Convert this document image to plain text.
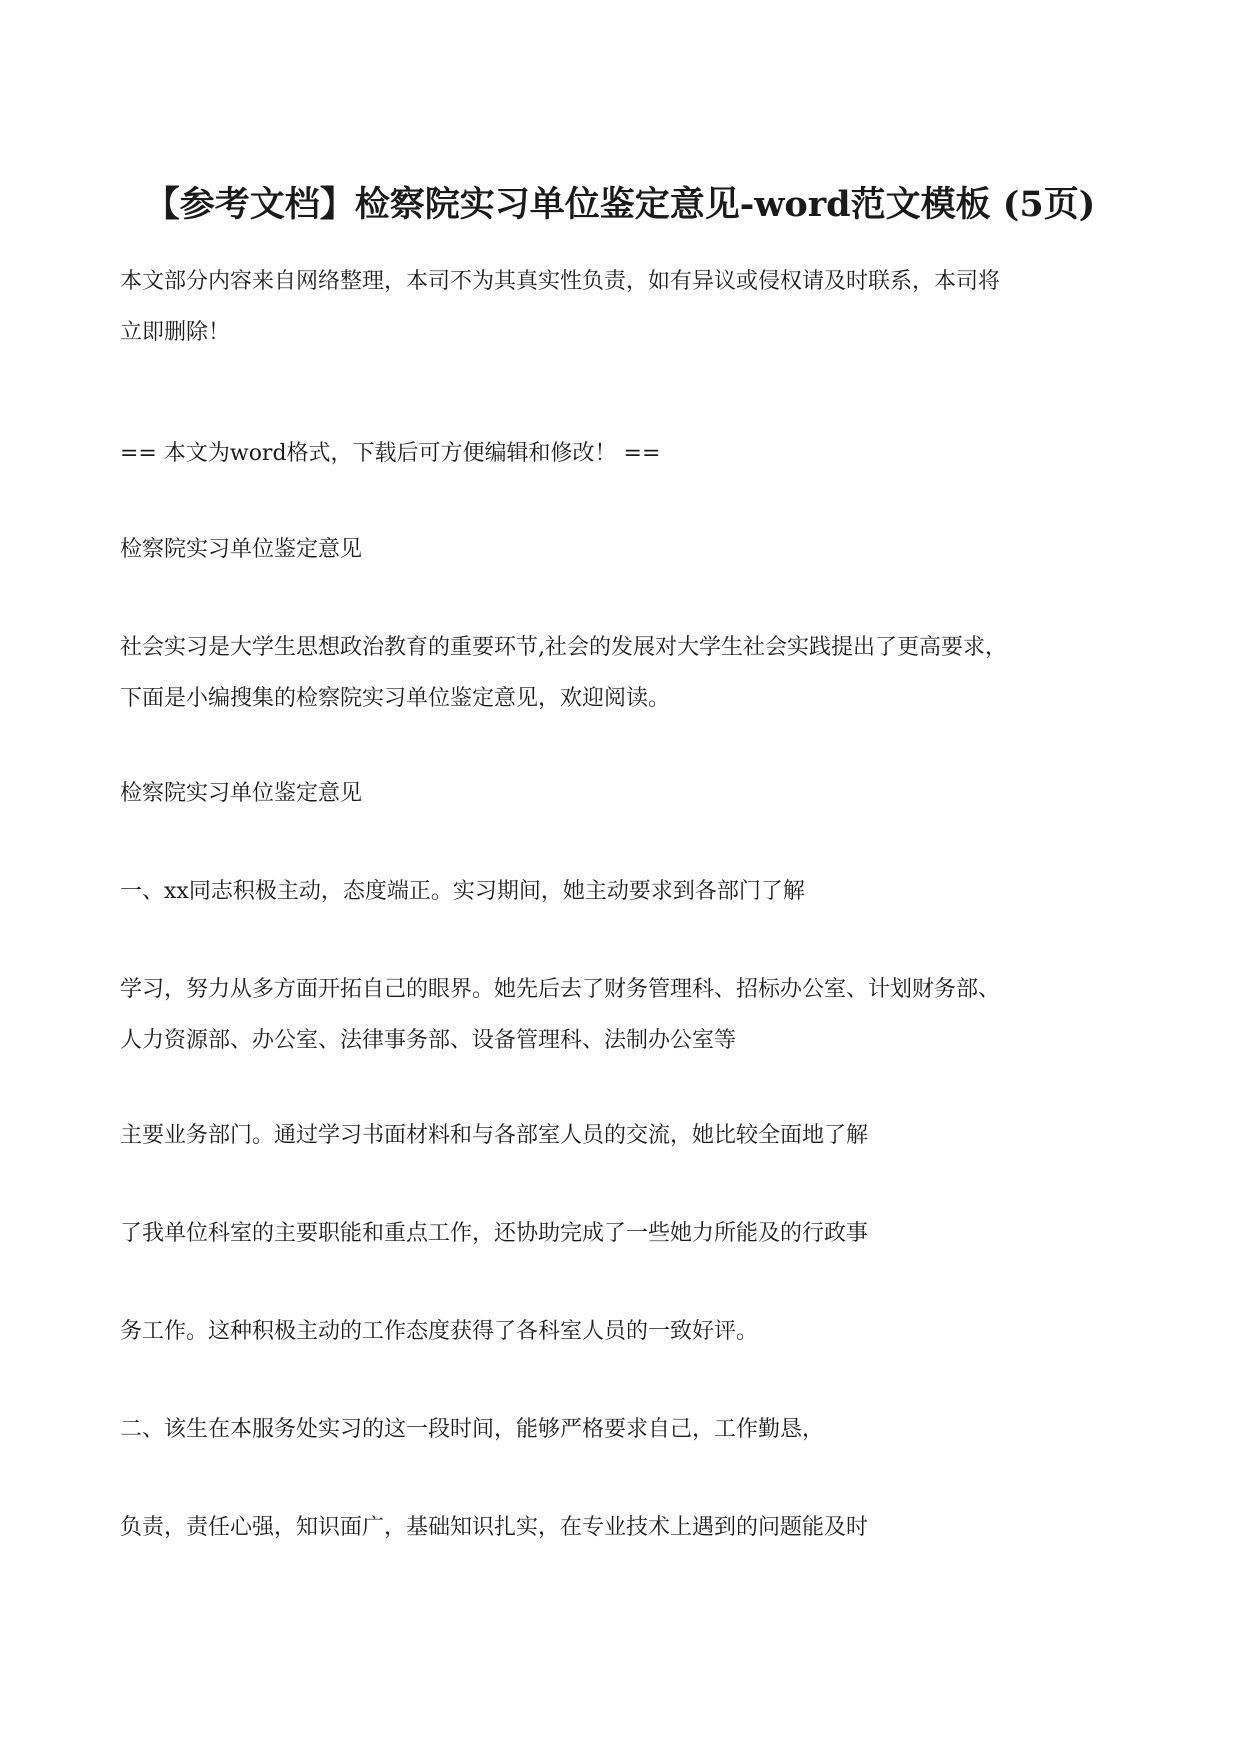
【参考文档】检察院实习单位鉴定意见-word范文模板 (5页)

本文部分内容来自网络整理，本司不为其真实性负责，如有异议或侵权请及时联系，本司将
立即删除！

== 本文为word格式，下载后可方便编辑和修改！ ==

检察院实习单位鉴定意见

社会实习是大学生思想政治教育的重要环节,社会的发展对大学生社会实践提出了更高要求，
下面是小编搜集的检察院实习单位鉴定意见，欢迎阅读。

检察院实习单位鉴定意见

一、xx同志积极主动，态度端正。实习期间，她主动要求到各部门了解

学习，努力从多方面开拓自己的眼界。她先后去了财务管理科、招标办公室、计划财务部、
人力资源部、办公室、法律事务部、设备管理科、法制办公室等

主要业务部门。通过学习书面材料和与各部室人员的交流，她比较全面地了解

了我单位科室的主要职能和重点工作，还协助完成了一些她力所能及的行政事

务工作。这种积极主动的工作态度获得了各科室人员的一致好评。

二、该生在本服务处实习的这一段时间，能够严格要求自己，工作勤恳，

负责，责任心强，知识面广，基础知识扎实，在专业技术上遇到的问题能及时
